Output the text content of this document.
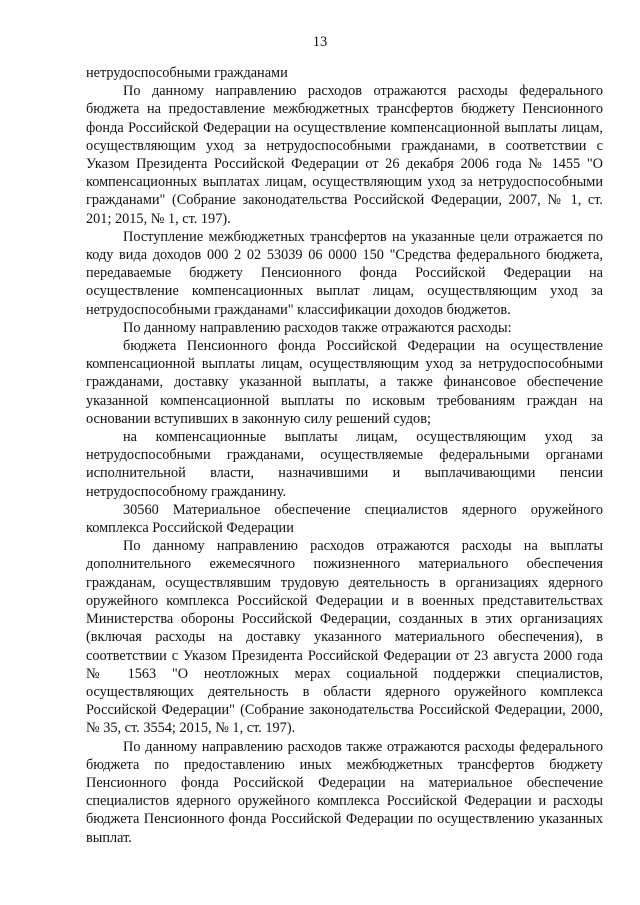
13

нетрудоспособными гражданами

По данному направлению расходов отражаются расходы федерального бюджета на предоставление межбюджетных трансфертов бюджету Пенсионного фонда Российской Федерации на осуществление компенсационной выплаты лицам, осуществляющим уход за нетрудоспособными гражданами, в соответствии с Указом Президента Российской Федерации от 26 декабря 2006 года № 1455 "О компенсационных выплатах лицам, осуществляющим уход за нетрудоспособными гражданами" (Собрание законодательства Российской Федерации, 2007, № 1, ст. 201; 2015, № 1, ст. 197).

Поступление межбюджетных трансфертов на указанные цели отражается по коду вида доходов 000 2 02 53039 06 0000 150 "Средства федерального бюджета, передаваемые бюджету Пенсионного фонда Российской Федерации на осуществление компенсационных выплат лицам, осуществляющим уход за нетрудоспособными гражданами" классификации доходов бюджетов.

По данному направлению расходов также отражаются расходы:

бюджета Пенсионного фонда Российской Федерации на осуществление компенсационной выплаты лицам, осуществляющим уход за нетрудоспособными гражданами, доставку указанной выплаты, а также финансовое обеспечение указанной компенсационной выплаты по исковым требованиям граждан на основании вступивших в законную силу решений судов;

на компенсационные выплаты лицам, осуществляющим уход за нетрудоспособными гражданами, осуществляемые федеральными органами исполнительной власти, назначившими и выплачивающими пенсии нетрудоспособному гражданину.

30560 Материальное обеспечение специалистов ядерного оружейного комплекса Российской Федерации

По данному направлению расходов отражаются расходы на выплаты дополнительного ежемесячного пожизненного материального обеспечения гражданам, осуществлявшим трудовую деятельность в организациях ядерного оружейного комплекса Российской Федерации и в военных представительствах Министерства обороны Российской Федерации, созданных в этих организациях (включая расходы на доставку указанного материального обеспечения), в соответствии с Указом Президента Российской Федерации от 23 августа 2000 года № 1563 "О неотложных мерах социальной поддержки специалистов, осуществляющих деятельность в области ядерного оружейного комплекса Российской Федерации" (Собрание законодательства Российской Федерации, 2000, № 35, ст. 3554; 2015, № 1, ст. 197).

По данному направлению расходов также отражаются расходы федерального бюджета по предоставлению иных межбюджетных трансфертов бюджету Пенсионного фонда Российской Федерации на материальное обеспечение специалистов ядерного оружейного комплекса Российской Федерации и расходы бюджета Пенсионного фонда Российской Федерации по осуществлению указанных выплат.
